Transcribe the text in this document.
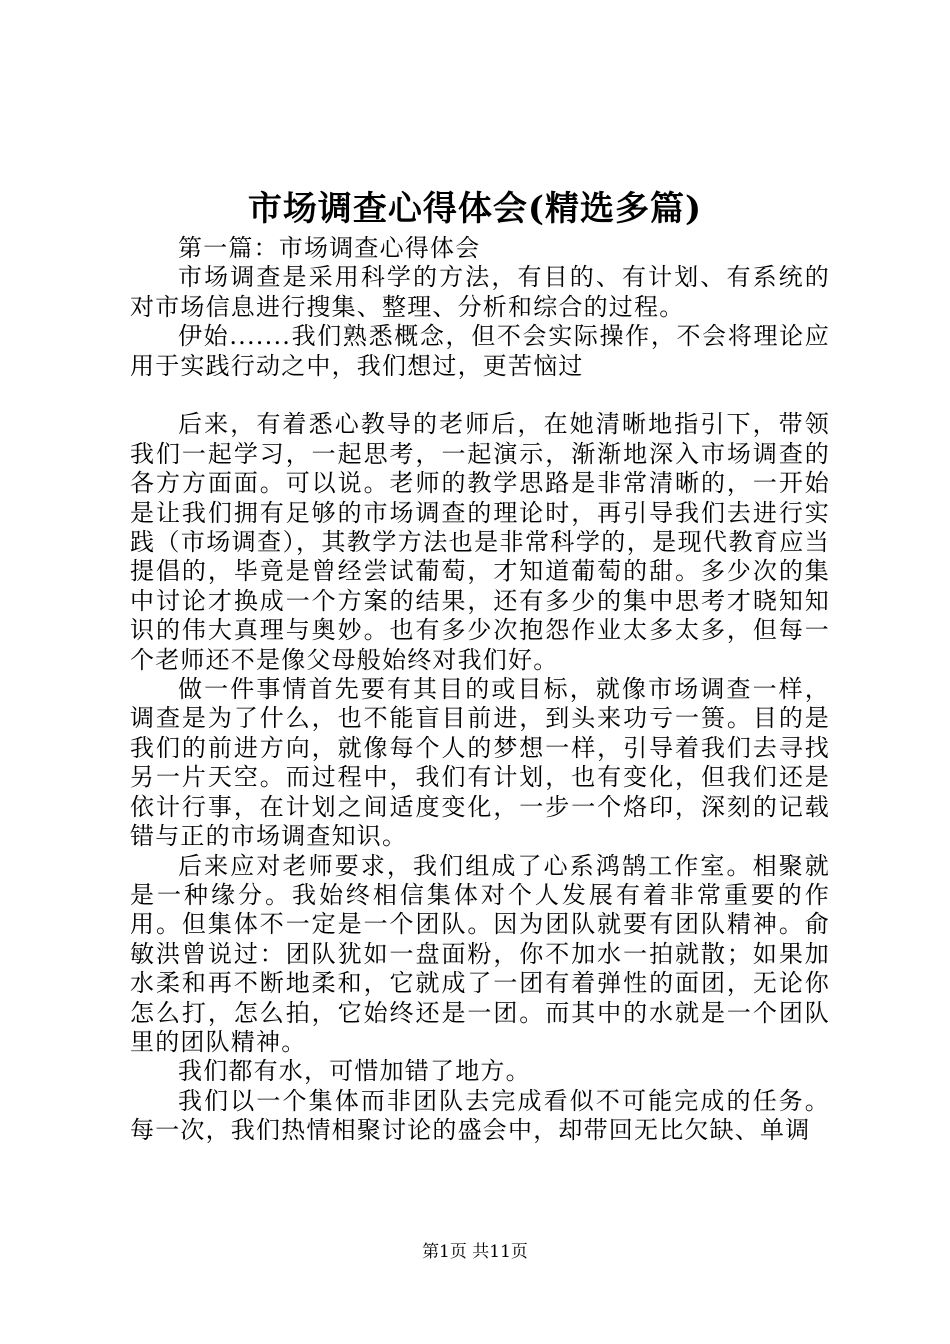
市场调查心得体会(精选多篇)

第一篇：市场调查心得体会

市场调查是采用科学的方法，有目的、有计划、有系统的对市场信息进行搜集、整理、分析和综合的过程。

伊始.......我们熟悉概念，但不会实际操作，不会将理论应用于实践行动之中，我们想过，更苦恼过

后来，有着悉心教导的老师后，在她清晰地指引下，带领我们一起学习，一起思考，一起演示，渐渐地深入市场调查的各方方面面。可以说。老师的教学思路是非常清晰的，一开始是让我们拥有足够的市场调查的理论时，再引导我们去进行实践（市场调查），其教学方法也是非常科学的，是现代教育应当提倡的，毕竟是曾经尝试葡萄，才知道葡萄的甜。多少次的集中讨论才换成一个方案的结果，还有多少的集中思考才晓知知识的伟大真理与奥妙。也有多少次抱怨作业太多太多，但每一个老师还不是像父母般始终对我们好。

做一件事情首先要有其目的或目标，就像市场调查一样，调查是为了什么，也不能盲目前进，到头来功亏一篑。目的是我们的前进方向，就像每个人的梦想一样，引导着我们去寻找另一片天空。而过程中，我们有计划，也有变化，但我们还是依计行事，在计划之间适度变化，一步一个烙印，深刻的记载错与正的市场调查知识。

后来应对老师要求，我们组成了心系鸿鹄工作室。相聚就是一种缘分。我始终相信集体对个人发展有着非常重要的作用。但集体不一定是一个团队。因为团队就要有团队精神。俞敏洪曾说过：团队犹如一盘面粉，你不加水一拍就散；如果加水柔和再不断地柔和，它就成了一团有着弹性的面团，无论你怎么打，怎么拍，它始终还是一团。而其中的水就是一个团队里的团队精神。

我们都有水，可惜加错了地方。

我们以一个集体而非团队去完成看似不可能完成的任务。每一次，我们热情相聚讨论的盛会中，却带回无比欠缺、单调

第1页 共11页
